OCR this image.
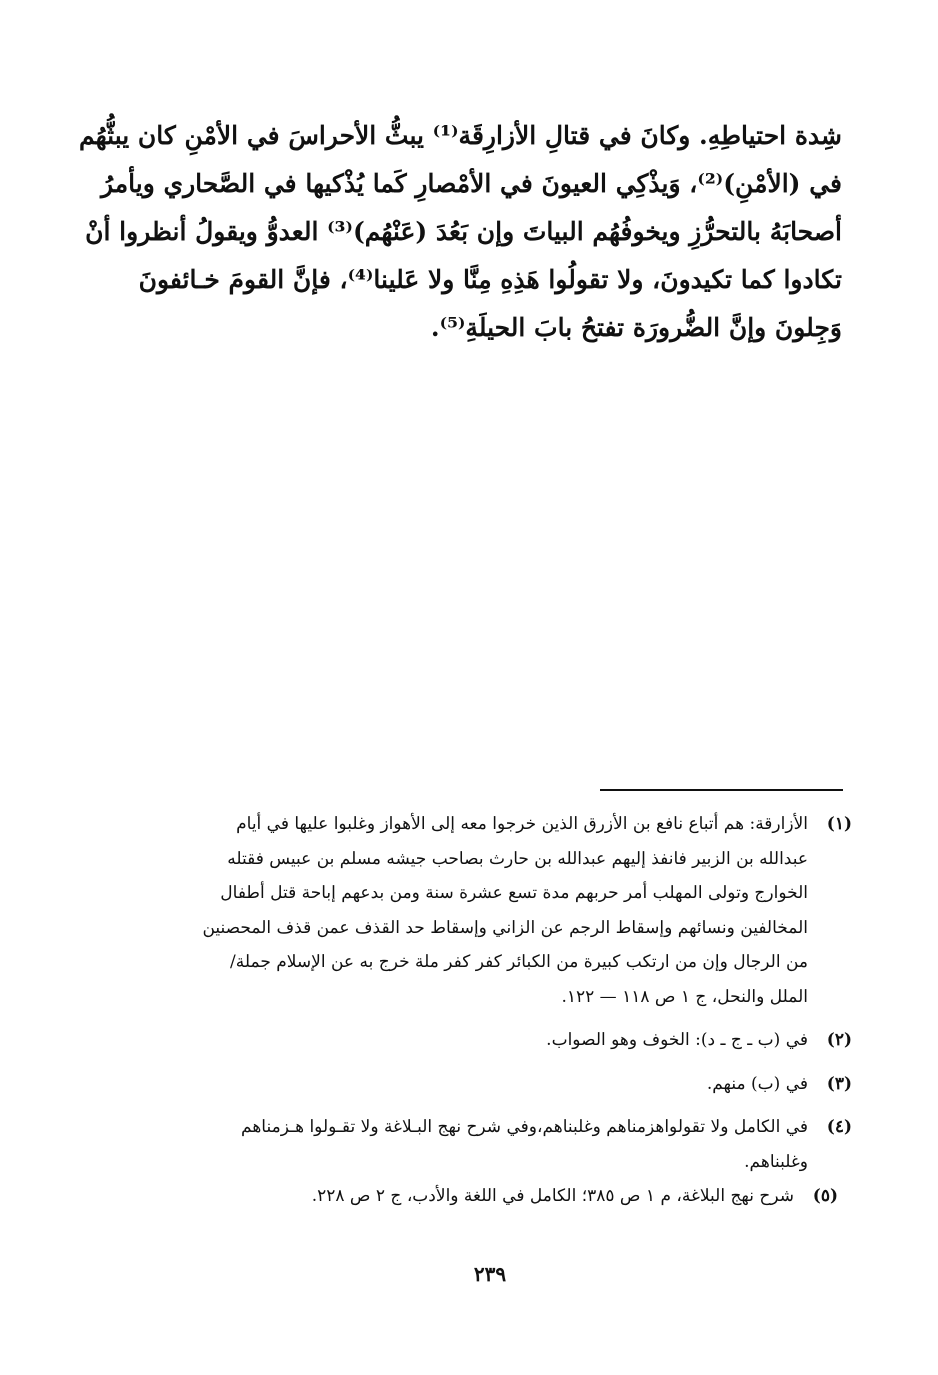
شِدة احتياطِهِ. وكانَ في قتالِ الأزارِقَة⁽¹⁾ يبثُّ الأحراسَ في الأمْنِ كان يبثُّهُم
في (الأمْنِ)⁽²⁾، وَيذْكِي العيونَ في الأمْصارِ كَما يُذْكيها في الصَّحاري ويأمرُ
أصحابَهُ بالتحرُّزِ ويخوفُهُم البياتَ وإن بَعُدَ (عَنْهُم)⁽³⁾ العدوُّ ويقولُ أنظروا أنْ
تكادوا كما تكيدونَ، ولا تقولُوا هَذِهِ مِنَّا ولا عَلينا⁽⁴⁾، فإنَّ القومَ خـائفونَ
وَجِلونَ وإنَّ الضُّرورَة تفتحُ بابَ الحيلَةِ⁽⁵⁾.
(١)
الأزارقة: هم أتباع نافع بن الأزرق الذين خرجوا معه إلى الأهواز وغلبوا عليها في أيام
عبدالله بن الزبير فانفذ إليهم عبدالله بن حارث بصاحب جيشه مسلم بن عبيس فقتله
الخوارج وتولى المهلب أمر حربهم مدة تسع عشرة سنة ومن بدعهم إباحة قتل أطفال
المخالفين ونسائهم وإسقاط الرجم عن الزاني وإسقاط حد القذف عمن قذف المحصنين
من الرجال وإن من ارتكب كبيرة من الكبائر كفر كفر ملة خرج به عن الإسلام جملة/
الملل والنحل، ج ١ ص ١١٨ — ١٢٢.
(٢)
في (ب ـ ج ـ د): الخوف وهو الصواب.
(٣)
في (ب) منهم.
(٤)
في الكامل ولا تقولواهزمناهم وغلبناهم،وفي شرح نهج البـلاغة ولا تقـولوا هـزمناهم
وغلبناهم.
(٥)
شرح نهج البلاغة، م ١ ص ٣٨٥؛ الكامل في اللغة والأدب، ج ٢ ص ٢٢٨.
٢٣٩
